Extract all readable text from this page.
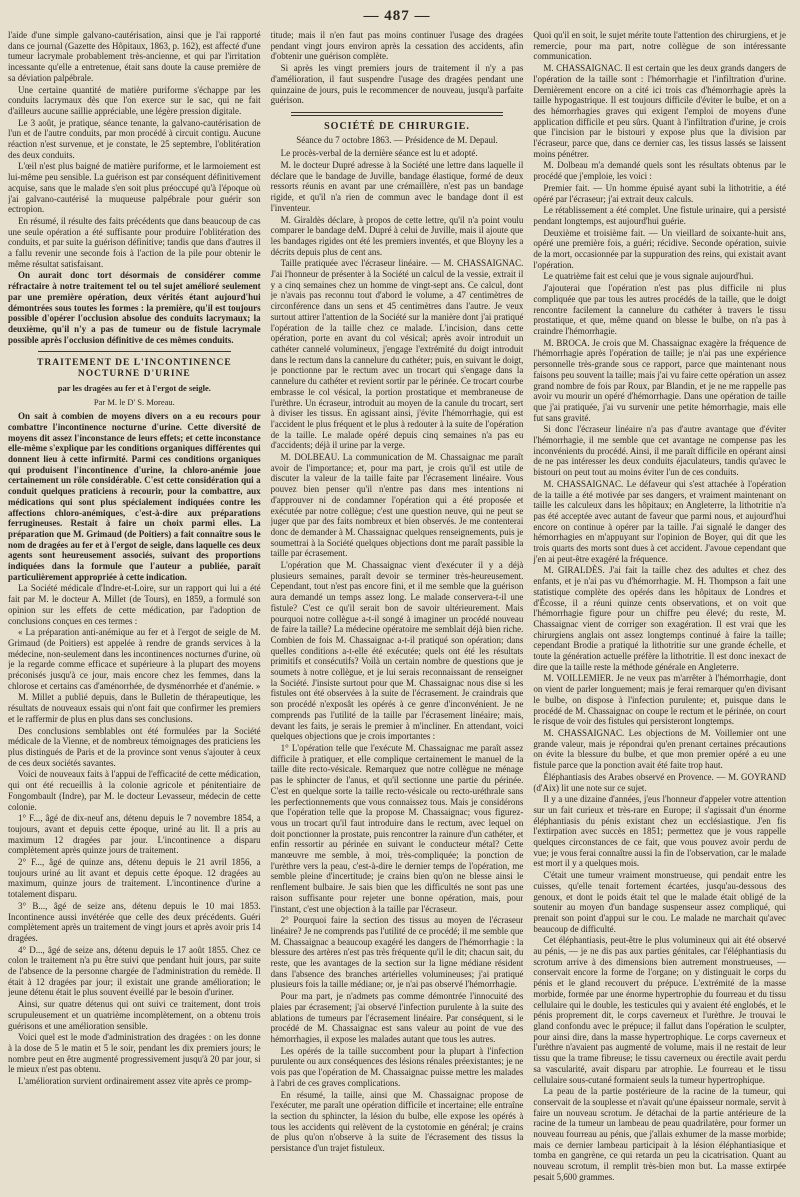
— 487 —

l'aide d'une simple galvano-cautérisation, ainsi que je l'ai rapporté dans ce journal (Gazette des Hôpitaux, 1863, p. 162), est affecté d'une tumeur lacrymale probablement très-ancienne, et qui par l'irritation incessante qu'elle a entretenue, était sans doute la cause première de sa déviation palpébrale.

Une certaine quantité de matière puriforme s'échappe par les conduits lacrymaux dès que l'on exerce sur le sac, qui ne fait d'ailleurs aucune saillie appréciable, une légère pression digitale.

Le 3 août, je pratique, séance tenante, la galvano-cautérisation de l'un et de l'autre conduits, par mon procédé à circuit contigu. Aucune réaction n'est survenue, et je constate, le 25 septembre, l'oblitération des deux conduits.

L'œil n'est plus baigné de matière puriforme, et le larmoiement est lui-même peu sensible. La guérison est par conséquent définitivement acquise, sans que le malade s'en soit plus préoccupé qu'à l'époque où j'ai galvano-cautérisé la muqueuse palpébrale pour guérir son ectropion.

En résumé, il résulte des faits précédents que dans beaucoup de cas une seule opération a été suffisante pour produire l'oblitération des conduits, et par suite la guérison définitive; tandis que dans d'autres il a fallu revenir une seconde fois à l'action de la pile pour obtenir le même résultat satisfaisant.

On aurait donc tort désormais de considérer comme réfractaire à notre traitement tel ou tel sujet amélioré seulement par une première opération, deux vérités étant aujourd'hui démontrées sous toutes les formes : la première, qu'il est toujours possible d'opérer l'occlusion absolue des conduits lacrymaux; la deuxième, qu'il n'y a pas de tumeur ou de fistule lacrymale possible après l'occlusion définitive de ces mêmes conduits.

TRAITEMENT DE L'INCONTINENCE NOCTURNE D'URINE
par les dragées au fer et à l'ergot de seigle.
Par M. le D' S. Moreau.

On sait à combien de moyens divers on a eu recours pour combattre l'incontinence nocturne d'urine. Cette diversité de moyens dit assez l'inconstance de leurs effets; et cette inconstance elle-même s'explique par les conditions organiques différentes qui donnent lieu à cette infirmité. Parmi ces conditions organiques qui produisent l'incontinence d'urine, la chloro-anémie joue certainement un rôle considérable. C'est cette considération qui a conduit quelques praticiens à recourir, pour la combattre, aux médications qui sont plus spécialement indiquées contre les affections chloro-anémiques, c'est-à-dire aux préparations ferrugineuses. Restait à faire un choix parmi elles. La préparation que M. Grimaud (de Poitiers) a fait connaître sous le nom de dragées au fer et à l'ergot de seigle, dans laquelle ces deux agents sont heureusement associés, suivant des proportions indiquées dans la formule que l'auteur a publiée, paraît particulièrement appropriée à cette indication.

La Société médicale d'Indre-et-Loire, sur un rapport qui lui a été fait par M. le docteur A. Millet (de Tours), en 1859, a formulé son opinion sur les effets de cette médication, par l'adoption de conclusions conçues en ces termes :

« La préparation anti-anémique au fer et à l'ergot de seigle de M. Grimaud (de Poitiers) est appelée à rendre de grands services à la médecine, non-seulement dans les incontinences nocturnes d'urine, où je la regarde comme efficace et supérieure à la plupart des moyens préconisés jusqu'à ce jour, mais encore chez les femmes, dans la chlorose et certains cas d'aménorrhée, de dysménorrhée et d'anémie. »

M. Millet a publié depuis, dans le Bulletin de thérapeutique, les résultats de nouveaux essais qui n'ont fait que confirmer les premiers et le raffermir de plus en plus dans ses conclusions.

Des conclusions semblables ont été formulées par la Société médicale de la Vienne, et de nombreux témoignages des praticiens les plus distingués de Paris et de la province sont venus s'ajouter à ceux de ces deux sociétés savantes.

Voici de nouveaux faits à l'appui de l'efficacité de cette médication, qui ont été recueillis à la colonie agricole et pénitentiaire de Fongombault (Indre), par M. le docteur Levasseur, médecin de cette colonie.

1° F..., âgé de dix-neuf ans, détenu depuis le 7 novembre 1854, a toujours, avant et depuis cette époque, uriné au lit. Il a pris au maximum 12 dragées par jour. L'incontinence a disparu complètement après quinze jours de traitement.

2° F..., âgé de quinze ans, détenu depuis le 21 avril 1856, a toujours uriné au lit avant et depuis cette époque. 12 dragées au maximum, quinze jours de traitement. L'incontinence d'urine a totalement disparu.

3° B..., âgé de seize ans, détenu depuis le 10 mai 1853. Incontinence aussi invétérée que celle des deux précédents. Guéri complètement après un traitement de vingt jours et après avoir pris 14 dragées.

4° D..., âgé de seize ans, détenu depuis le 17 août 1855. Chez ce colon le traitement n'a pu être suivi que pendant huit jours, par suite de l'absence de la personne chargée de l'administration du remède. Il était à 12 dragées par jour; il existait une grande amélioration; le jeune détenu était le plus souvent éveillé par le besoin d'uriner.

Ainsi, sur quatre détenus qui ont suivi ce traitement, dont trois scrupuleusement et un quatrième incomplètement, on a obtenu trois guérisons et une amélioration sensible.

Voici quel est le mode d'administration des dragées : on les donne à la dose de 5 le matin et 5 le soir, pendant les dix premiers jours; le nombre peut en être augmenté progressivement jusqu'à 20 par jour, si le mieux n'est pas obtenu.

L'amélioration survient ordinairement assez vite après ce promp-

titude; mais il n'en faut pas moins continuer l'usage des dragées pendant vingt jours environ après la cessation des accidents, afin d'obtenir une guérison complète.

Si après les vingt premiers jours de traitement il n'y a pas d'amélioration, il faut suspendre l'usage des dragées pendant une quinzaine de jours, puis le recommencer de nouveau, jusqu'à parfaite guérison.

SOCIÉTÉ DE CHIRURGIE.
Séance du 7 octobre 1863. — Présidence de M. Depaul.

Le procès-verbal de la dernière séance est lu et adopté.

M. le docteur Dupré adresse à la Société une lettre dans laquelle il déclare que le bandage de Juville, bandage élastique, formé de deux ressorts réunis en avant par une crémaillère, n'est pas un bandage rigide, et qu'il n'a rien de commun avec le bandage dont il est l'inventeur.

M. Giraldès déclare, à propos de cette lettre, qu'il n'a point voulu comparer le bandage deM. Dupré à celui de Juville, mais il ajoute que les bandages rigides ont été les premiers inventés, et que Bloyny les a décrits depuis plus de cent ans.

Taille pratiquée avec l'écraseur linéaire. — M. CHASSAIGNAC. J'ai l'honneur de présenter à la Société un calcul de la vessie, extrait il y a cinq semaines chez un homme de vingt-sept ans. Ce calcul, dont je n'avais pas reconnu tout d'abord le volume, a 47 centimètres de circonférence dans un sens et 45 centimètres dans l'autre. Je veux surtout attirer l'attention de la Société sur la manière dont j'ai pratiqué l'opération de la taille chez ce malade. L'incision, dans cette opération, porte en avant du col vésical; après avoir introduit un cathéter cannelé volumineux, j'engage l'extrémité du doigt introduit dans le rectum dans la cannelure du cathéter; puis, en suivant le doigt, je ponctionne par le rectum avec un trocart qui s'engage dans la cannelure du cathéter et revient sortir par le périnée. Ce trocart courbe embrasse le col vésical, la portion prostatique et membraneuse de l'urèthre. Un écraseur, introduit au moyen de la canule du trocart, sert à diviser les tissus. En agissant ainsi, j'évite l'hémorrhagie, qui est l'accident le plus fréquent et le plus à redouter à la suite de l'opération de la taille. Le malade opéré depuis cinq semaines n'a pas eu d'accidents; déjà il urine par la verge.

M. DOLBEAU. La communication de M. Chassaignac me paraît avoir de l'importance; et, pour ma part, je crois qu'il est utile de discuter la valeur de la taille faite par l'écrasement linéaire. Vous pouvez bien penser qu'il n'entre pas dans mes intentions ni d'approuver ni de condamner l'opération qui a été proposée et exécutée par notre collègue; c'est une question neuve, qui ne peut se juger que par des faits nombreux et bien observés. Je me contenterai donc de demander à M. Chassaignac quelques renseignements, puis je soumettrai à la Société quelques objections dont me paraît passible la taille par écrasement.

L'opération que M. Chassaignac vient d'exécuter il y a déjà plusieurs semaines, paraît devoir se terminer très-heureusement. Cependant, tout n'est pas encore fini, et il me semble que la guérison aura demandé un temps assez long. Le malade conservera-t-il une fistule? C'est ce qu'il serait bon de savoir ultérieurement. Mais pourquoi notre collègue a-t-il songé à imaginer un procédé nouveau de faire la taille? La médecine opératoire me semblait déjà bien riche. Combien de fois M. Chassaignac a-t-il pratiqué son opération; dans quelles conditions a-t-elle été exécutée; quels ont été les résultats primitifs et consécutifs? Voilà un certain nombre de questions que je soumets à notre collègue, et je lui serais reconnaissant de renseigner la Société. J'insiste surtout pour que M. Chassaignac nous dise si les fistules ont été observées à la suite de l'écrasement. Je craindrais que son procédé n'exposât les opérés à ce genre d'inconvénient. Je ne comprends pas l'utilité de la taille par l'écrasement linéaire; mais, devant les faits, je serais le premier à m'incliner. En attendant, voici quelques objections que je crois importantes :

1° L'opération telle que l'exécute M. Chassaignac me paraît assez difficile à pratiquer, et elle complique certainement le manuel de la taille dite recto-vésicale. Remarquez que notre collègue ne ménage pas le sphincter de l'anus, et qu'il sectionne une partie du périnée. C'est en quelque sorte la taille recto-vésicale ou recto-uréthrale sans les perfectionnements que vous connaissez tous. Mais je considérons que l'opération telle que la propose M. Chassaignac; vous figurez-vous un trocart qu'il faut introduire dans le rectum, avec lequel on doit ponctionner la prostate, puis rencontrer la rainure d'un cathéter, et enfin ressortir au périnée en suivant le conducteur métal? Cette manœuvre me semble, à moi, très-compliquée; la ponction de l'urèthre vers la peau, c'est-à-dire le dernier temps de l'opération, me semble pleine d'incertitude; je crains bien qu'on ne blesse ainsi le renflement bulbaire. Je sais bien que les difficultés ne sont pas une raison suffisante pour rejeter une bonne opération, mais, pour l'instant, c'est une objection à la taille par l'écraseur.

2° Pourquoi faire la section des tissus au moyen de l'écraseur linéaire? Je ne comprends pas l'utilité de ce procédé; il me semble que M. Chassaignac a beaucoup exagéré les dangers de l'hémorrhagie : la blessure des artères n'est pas très fréquente qu'il le dit; chacun sait, du reste, que les avantages de la section sur la ligne médiane résident dans l'absence des branches artérielles volumineuses; j'ai pratiqué plusieurs fois la taille médiane; or, je n'ai pas observé l'hémorrhagie.

Pour ma part, je n'admets pas comme démontrée l'innocuité des plaies par écrasement; j'ai observé l'infection purulente à la suite des ablations de tumeurs par l'écrasement linéaire. Par conséquent, si le procédé de M. Chassaignac est sans valeur au point de vue des hémorrhagies, il expose les malades autant que tous les autres.

Les opérés de la taille succombent pour la plupart à l'infection purulente ou aux conséquences des lésions rénales préexistantes; je ne vois pas que l'opération de M. Chassaignac puisse mettre les malades à l'abri de ces graves complications.

En résumé, la taille, ainsi que M. Chassaignac propose de l'exécuter, me paraît une opération difficile et incertaine; elle entraîne la section du sphincter, la lésion du bulbe, elle expose les opérés à tous les accidents qui relèvent de la cystotomie en général; je crains de plus qu'on n'observe à la suite de l'écrasement des tissus la persistance d'un trajet fistuleux.

Quoi qu'il en soit, le sujet mérite toute l'attention des chirurgiens, et je remercie, pour ma part, notre collègue de son intéressante communication.

M. CHASSAIGNAC. Il est certain que les deux grands dangers de l'opération de la taille sont : l'hémorrhagie et l'infiltration d'urine. Dernièrement encore on a cité ici trois cas d'hémorrhagie après la taille hypogastrique. Il est toujours difficile d'éviter le bulbe, et on a des hémorrhagies graves qui exigent l'emploi de moyens d'une application difficile et peu sûrs. Quant à l'infiltration d'urine, je crois que l'incision par le bistouri y expose plus que la division par l'écraseur, parce que, dans ce dernier cas, les tissus lassés se laissent moins pénétrer.

M. Dolbeau m'a demandé quels sont les résultats obtenus par le procédé que j'emploie, les voici :

Premier fait. — Un homme épuisé ayant subi la lithotritie, a été opéré par l'écraseur; j'ai extrait deux calculs.

Le rétablissement a été complet. Une fistule urinaire, qui a persisté pendant longtemps, est aujourd'hui guérie.

Deuxième et troisième fait. — Un vieillard de soixante-huit ans, opéré une première fois, a guéri; récidive. Seconde opération, suivie de la mort, occasionnée par la suppuration des reins, qui existait avant l'opération.

Le quatrième fait est celui que je vous signale aujourd'hui.

J'ajouterai que l'opération n'est pas plus difficile ni plus compliquée que par tous les autres procédés de la taille, que le doigt rencontre facilement la cannelure du cathéter à travers le tissu prostatique, et que, même quand on blesse le bulbe, on n'a pas à craindre l'hémorrhagie.

M. BROCA. Je crois que M. Chassaignac exagère la fréquence de l'hémorrhagie après l'opération de taille; je n'ai pas une expérience personnelle très-grande sous ce rapport, parce que maintenant nous faisons peu souvent la taille; mais j'ai vu faire cette opération un assez grand nombre de fois par Roux, par Blandin, et je ne me rappelle pas avoir vu mourir un opéré d'hémorrhagie. Dans une opération de taille que j'ai pratiquée, j'ai vu survenir une petite hémorrhagie, mais elle fut sans gravité.

Si donc l'écraseur linéaire n'a pas d'autre avantage que d'éviter l'hémorrhagie, il me semble que cet avantage ne compense pas les inconvénients du procédé. Ainsi, il me paraît difficile en opérant ainsi de ne pas intéresser les deux conduits éjaculateurs, tandis qu'avec le bistouri on peut tout au moins éviter l'un de ces conduits.

M. CHASSAIGNAC. Le défaveur qui s'est attachée à l'opération de la taille a été motivée par ses dangers, et vraiment maintenant on taille les calculeux dans les hôpitaux; en Angleterre, la lithotritie n'a pas été acceptée avec autant de faveur que parmi nous, et aujourd'hui encore on continue à opérer par la taille. J'ai signalé le danger des hémorrhagies en m'appuyant sur l'opinion de Boyer, qui dit que les trois quarts des morts sont dues à cet accident. J'avoue cependant que j'en ai peut-être exagéré la fréquence.

M. GIRALDÈS. J'ai fait la taille chez des adultes et chez des enfants, et je n'ai pas vu d'hémorrhagie. M. H. Thompson a fait une statistique complète des opérés dans les hôpitaux de Londres et d'Écosse, il a réuni quinze cents observations, et on voit que l'hémorrhagie figure pour un chiffre peu élevé; du reste, M. Chassaignac vient de corriger son exagération. Il est vrai que les chirurgiens anglais ont assez longtemps continué à faire la taille; cependant Brodie a pratiqué la lithotritie sur une grande échelle, et toute la génération actuelle préfère la lithotritie. Il est donc inexact de dire que la taille reste la méthode générale en Angleterre.

M. VOILLEMIER. Je ne veux pas m'arrêter à l'hémorrhagie, dont on vient de parler longuement; mais je ferai remarquer qu'en divisant le bulbe, on dispose à l'infection purulente; et, puisque dans le procédé de M. Chassaignac on coupe le rectum et le périnée, on court le risque de voir des fistules qui persisteront longtemps.

M. CHASSAIGNAC. Les objections de M. Voillemier ont une grande valeur, mais je répondrai qu'en prenant certaines précautions on évite la blessure du bulbe, et que mon premier opéré a eu une fistule parce que la ponction avait été faite trop haut.

Éléphantiasis des Arabes observé en Provence. — M. GOYRAND (d'Aix) lit une note sur ce sujet.

Il y a une dizaine d'années, j'eus l'honneur d'appeler votre attention sur un fait curieux et très-rare en Europe; il s'agissait d'un énorme éléphantiasis du pénis existant chez un ecclésiastique. J'en fis l'extirpation avec succès en 1851; permettez que je vous rappelle quelques circonstances de ce fait, que vous pouvez avoir perdu de vue; je vous ferai connaître aussi la fin de l'observation, car le malade est mort il y a quelques mois.

C'était une tumeur vraiment monstrueuse, qui pendait entre les cuisses, qu'elle tenait fortement écartées, jusqu'au-dessous des genoux, et dont le poids était tel que le malade était obligé de la soutenir au moyen d'un bandage suspenseur assez compliqué, qui prenait son point d'appui sur le cou. Le malade ne marchait qu'avec beaucoup de difficulté.

Cet éléphantiasis, peut-être le plus volumineux qui ait été observé au pénis, — je ne dis pas aux parties génitales, car l'éléphantiasis du scrotum arrive à des dimensions bien autrement monstrueuses, — conservait encore la forme de l'organe; on y distinguait le corps du pénis et le gland recouvert du prépuce. L'extrémité de la masse morbide, formée par une énorme hypertrophie du fourreau et du tissu cellulaire qui le double, les testicules qui y avaient été englobés, et le pénis proprement dit, le corps caverneux et l'urèthre. Je trouvai le gland confondu avec le prépuce; il fallut dans l'opération le sculpter, pour ainsi dire, dans la masse hypertrophique. Le corps caverneux et l'urèthre n'avaient pas augmenté de volume, mais il ne restait de leur tissu que la trame fibreuse; le tissu caverneux ou érectile avait perdu sa vascularité, avait disparu par atrophie. Le fourreau et le tissu cellulaire sous-cutané formaient seuls la tumeur hypertrophique.

La peau de la partie postérieure de la racine de la tumeur, qui conservait de la souplesse et n'avait qu'une épaisseur normale, servit à faire un nouveau scrotum. Je détachai de la partie antérieure de la racine de la tumeur un lambeau de peau quadrilatère, pour former un nouveau fourreau au pénis, que j'allais exhumer de la masse morbide; mais ce dernier lambeau participait à la lésion éléphantiasique et tomba en gangrène, ce qui retarda un peu la cicatrisation. Quant au nouveau scrotum, il remplit très-bien mon but. La masse extirpée pesait 5,600 grammes.
